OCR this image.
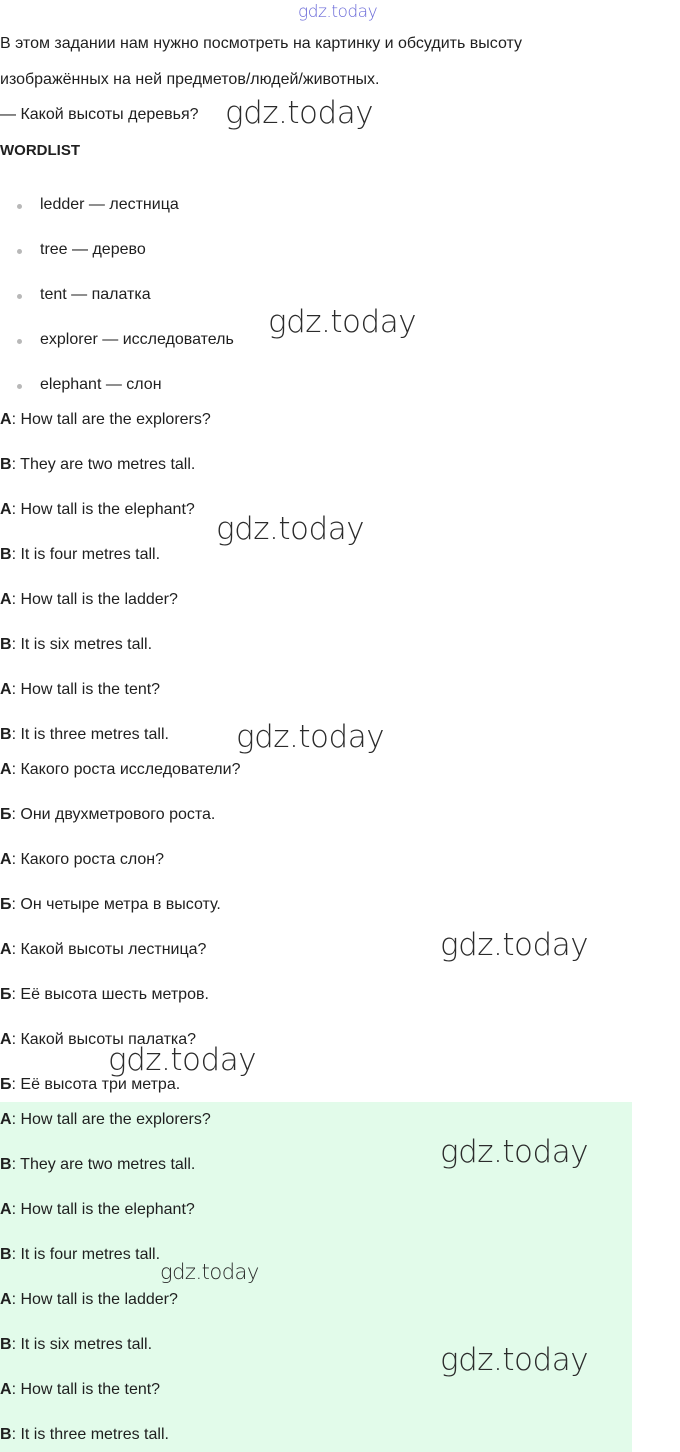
gdz.today
В этом задании нам нужно посмотреть на картинку и обсудить высоту
изображённых на ней предметов/людей/животных.
— Какой высоты деревья?
WORDLIST
ledder — лестница
tree — дерево
tent — палатка
explorer — исследователь
elephant — слон
A: How tall are the explorers?
B: They are two metres tall.
A: How tall is the elephant?
B: It is four metres tall.
A: How tall is the ladder?
B: It is six metres tall.
A: How tall is the tent?
B: It is three metres tall.
А: Какого роста исследователи?
Б: Они двухметрового роста.
А: Какого роста слон?
Б: Он четыре метра в высоту.
А: Какой высоты лестница?
Б: Её высота шесть метров.
А: Какой высоты палатка?
Б: Её высота три метра.
A: How tall are the explorers?
B: They are two metres tall.
A: How tall is the elephant?
B: It is four metres tall.
A: How tall is the ladder?
B: It is six metres tall.
A: How tall is the tent?
B: It is three metres tall.
gdz.today
gdz.today
gdz.today
gdz.today
gdz.today
gdz.today
gdz.today
gdz.today
gdz.today
